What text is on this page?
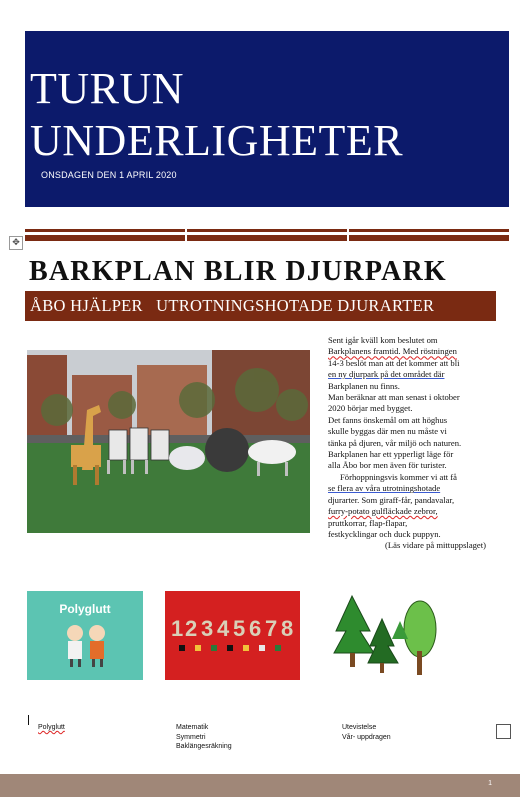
TURUN
UNDERLIGHETER
ONSDAGEN DEN 1 APRIL 2020
✥
BARKPLAN BLIR DJURPARK
ÅBO HJÄLPER   UTROTNINGSHOTADE DJURARTER

Sent igår kväll kom beslutet om

Barkplanens framtid. Med röstningen

14-3 beslöt man att det kommer att bli

en ny djurpark på det området där

Barkplanen nu finns.

Man beräknar att man senast i oktober

2020 börjar med bygget.

Det fanns önskemål om att höghus

skulle byggas där men nu måste vi

tänka på djuren, vår miljö och naturen.

Barkplanen har ett ypperligt läge för

alla Åbo bor men även för turister.

Förhoppningsvis kommer vi att få

se flera av våra utrotningshotade

djurarter. Som giraff-får, pandavalar,

furry-potato gulfläckade zebror,

pruttkorrar, flap-flapar,

festkycklingar och duck puppyn.

(Läs vidare på mittuppslaget)

Polyglutt
1 2 3 4 5 6 7 8
Polyglutt	Matematik
Symmetri
Baklängesräkning
Utevistelse
Vår- uppdragen
1
